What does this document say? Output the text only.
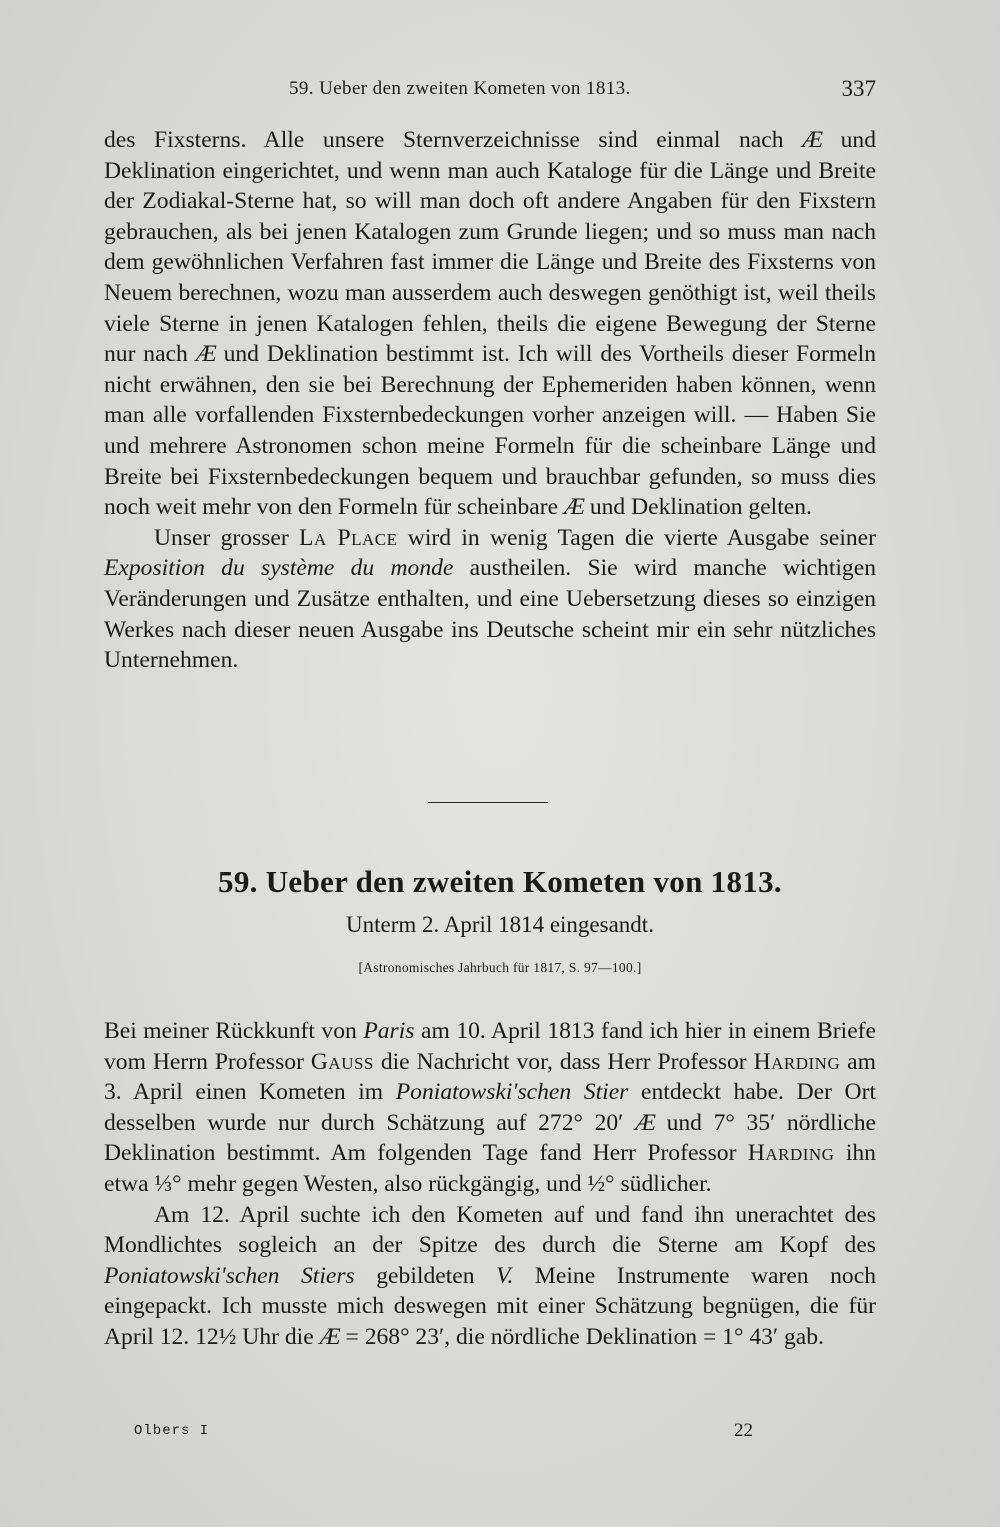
59. Ueber den zweiten Kometen von 1813.	337

des Fixsterns. Alle unsere Sternverzeichnisse sind einmal nach Æ und Deklination eingerichtet, und wenn man auch Kataloge für die Länge und Breite der Zodiakal-Sterne hat, so will man doch oft andere Angaben für den Fixstern gebrauchen, als bei jenen Katalogen zum Grunde liegen; und so muss man nach dem gewöhnlichen Verfahren fast immer die Länge und Breite des Fixsterns von Neuem berechnen, wozu man ausserdem auch deswegen genöthigt ist, weil theils viele Sterne in jenen Katalogen fehlen, theils die eigene Bewegung der Sterne nur nach Æ und Deklination bestimmt ist. Ich will des Vortheils dieser Formeln nicht erwähnen, den sie bei Berechnung der Ephemeriden haben können, wenn man alle vorfallenden Fixsternbedeckungen vorher anzeigen will. — Haben Sie und mehrere Astronomen schon meine Formeln für die scheinbare Länge und Breite bei Fixsternbedeckungen bequem und brauchbar gefunden, so muss dies noch weit mehr von den Formeln für scheinbare Æ und Deklination gelten.

Unser grosser La Place wird in wenig Tagen die vierte Ausgabe seiner Exposition du système du monde austheilen. Sie wird manche wichtigen Veränderungen und Zusätze enthalten, und eine Uebersetzung dieses so einzigen Werkes nach dieser neuen Ausgabe ins Deutsche scheint mir ein sehr nützliches Unternehmen.

59. Ueber den zweiten Kometen von 1813.
Unterm 2. April 1814 eingesandt.
[Astronomisches Jahrbuch für 1817, S. 97—100.]

Bei meiner Rückkunft von Paris am 10. April 1813 fand ich hier in einem Briefe vom Herrn Professor Gauss die Nachricht vor, dass Herr Professor Harding am 3. April einen Kometen im Poniatowski'schen Stier entdeckt habe. Der Ort desselben wurde nur durch Schätzung auf 272° 20′ Æ und 7° 35′ nördliche Deklination bestimmt. Am folgenden Tage fand Herr Professor Harding ihn etwa ⅓° mehr gegen Westen, also rückgängig, und ½° südlicher.

Am 12. April suchte ich den Kometen auf und fand ihn unerachtet des Mondlichtes sogleich an der Spitze des durch die Sterne am Kopf des Poniatowski'schen Stiers gebildeten V. Meine Instrumente waren noch eingepackt. Ich musste mich deswegen mit einer Schätzung begnügen, die für April 12. 12½ Uhr die Æ = 268° 23′, die nördliche Deklination = 1° 43′ gab.

Olbers I	22
